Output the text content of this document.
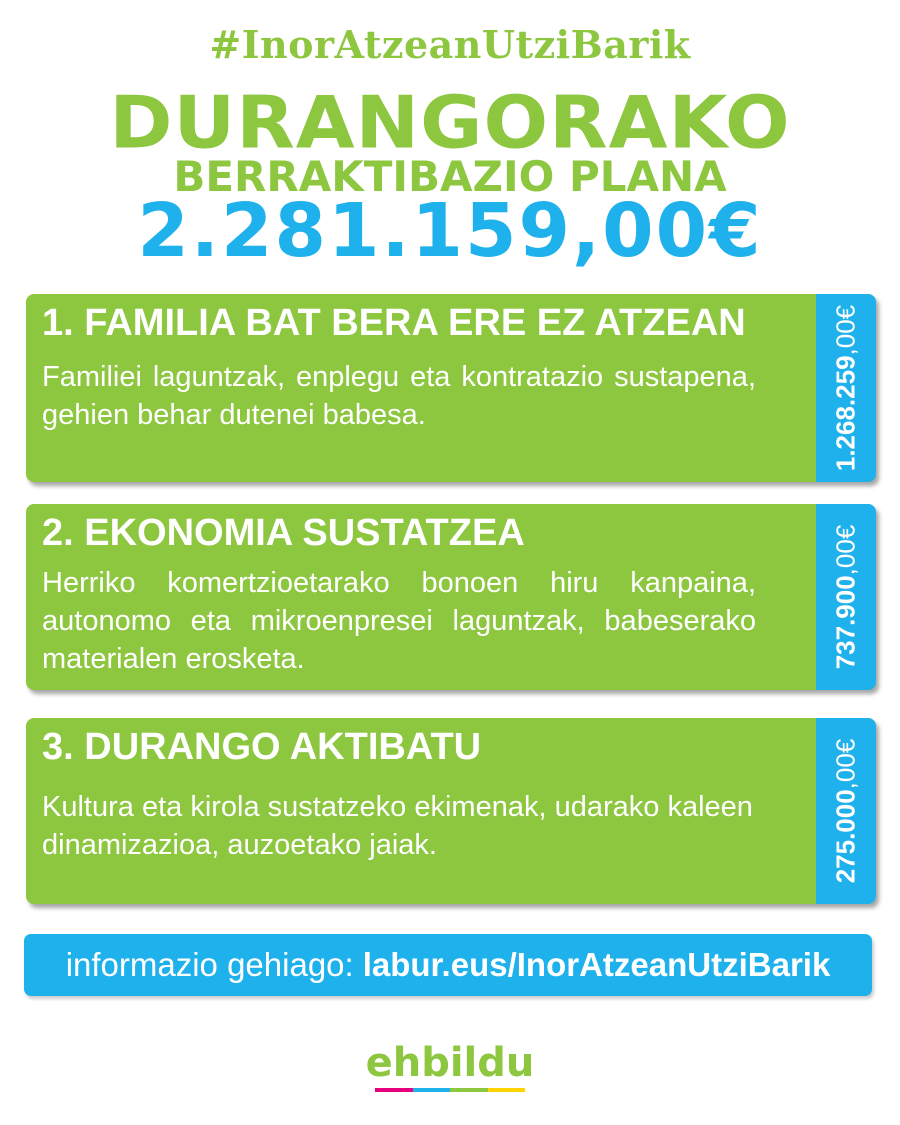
#InorAtzeanUtziBarik
DURANGORAKO
BERRAKTIBAZIO PLANA
2.281.159,00€
1. FAMILIA BAT BERA ERE EZ ATZEAN
Familiei laguntzak, enplegu eta kontratazio sustapena, gehien behar dutenei babesa.	1.268.259,00€
2. EKONOMIA SUSTATZEA
Herriko komertzioetarako bonoen hiru kanpaina, autonomo eta mikroenpresei laguntzak, babeserako materialen erosketa.	737.900,00€
3. DURANGO AKTIBATU
Kultura eta kirola sustatzeko ekimenak, udarako kaleen dinamizazioa, auzoetako jaiak.	275.000,00€
informazio gehiago: labur.eus/InorAtzeanUtziBarik
ehbildu
